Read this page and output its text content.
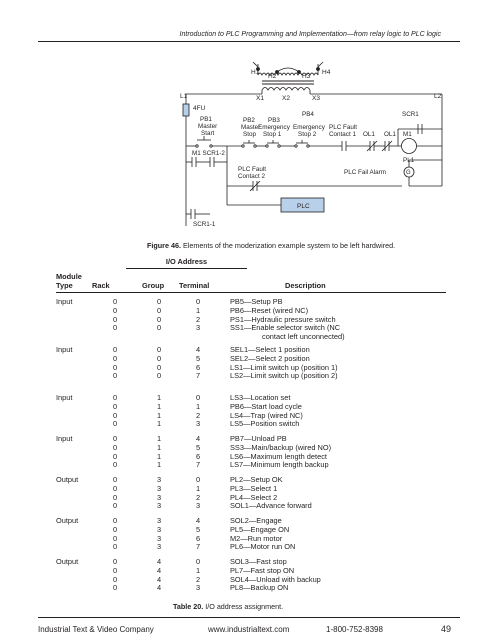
Introduction to PLC Programming and Implementation—from relay logic to PLC logic
H1
H2	H3
H4
X1	X2	X3
L1	L2
4FU
PB1
Master
Start
PB2
Master
Stop
PB3
Emergency
Stop 1
PB4
Emergency
Stop 2
PLC Fault
Contact 1 OL1 OL1 M1
SCR1
M1 SCR1-2
PLC Fault
Contact 2
PLC Fail Alarm
PL1
G
PLC
SCR1-1
Figure 46. Elements of the moderization example system to be left hardwired.
I/O Address
Module
Type	Rack	Group Terminal	Description
Input	0	0	0	PB5—Setup PB
0	0	1	PB6—Reset (wired NC)
0	0	2	PS1—Hydraulic pressure switch
0	0	3	SS1—Enable selector switch (NC
contact left unconnected)
Input	0	0	4	SEL1—Select 1 position
0	0	5	SEL2—Select 2 position
0	0	6	LS1—Limit switch up (position 1)
0	0	7	LS2—Limit switch up (position 2)
Input	0	1	0	LS3—Location set
0	1	1	PB6—Start load cycle
0	1	2	LS4—Trap (wired NC)
0	1	3	LS5—Position switch
Input	0	1	4	PB7—Unload PB
0	1	5	SS3—Main/backup (wired NO)
0	1	6	LS6—Maximum length detect
0	1	7	LS7—Minimum length backup
Output	0	3	0	PL2—Setup OK
0	3	1	PL3—Select 1
0	3	2	PL4—Select 2
0	3	3	SOL1—Advance forward
Output	0	3	4	SOL2—Engage
0	3	5	PL5—Engage ON
0	3	6	M2—Run motor
0	3	7	PL6—Motor run ON
Output	0	4	0	SOL3—Fast stop
0	4	1	PL7—Fast stop ON
0	4	2	SOL4—Unload with backup
0	4	3	PL8—Backup ON
Table 20. I/O address assignment.
Industrial Text & Video Company	www.industrialtext.com	1-800-752-8398	49
